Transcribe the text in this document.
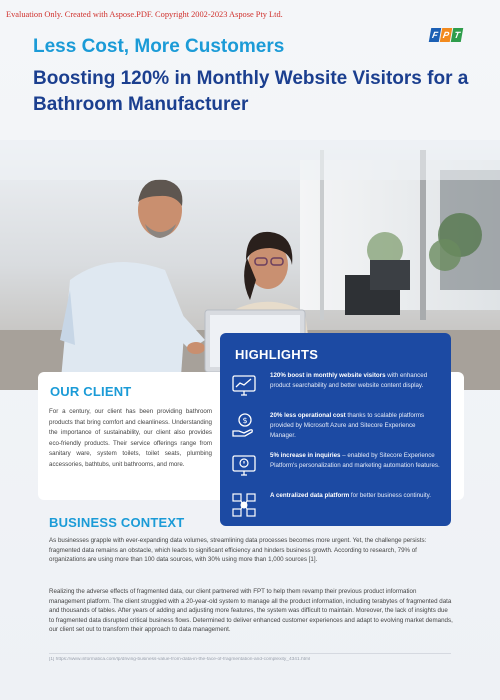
Evaluation Only. Created with Aspose.PDF. Copyright 2002-2023 Aspose Pty Ltd.
F P T
Less Cost, More Customers
Boosting 120% in Monthly Website Visitors for a Bathroom Manufacturer
OUR CLIENT
For a century, our client has been providing bathroom products that bring comfort and cleanliness. Understanding the importance of sustainability, our client also provides eco-friendly products. Their service offerings range from sanitary ware, system toilets, toilet seats, plumbing accessories, bathtubs, unit bathrooms, and more.
HIGHLIGHTS
120% boost in monthly website visitors with enhanced product searchability and better website content display.
$
20% less operational cost thanks to scalable platforms provided by Microsoft Azure and Sitecore Experience Manager.
5% increase in inquiries – enabled by Sitecore Experience Platform's personalization and marketing automation features.
A centralized data platform for better business continuity.
BUSINESS CONTEXT
As businesses grapple with ever-expanding data volumes, streamlining data processes becomes more urgent. Yet, the challenge persists: fragmented data remains an obstacle, which leads to significant efficiency and hinders business growth. According to research, 79% of organizations are using more than 100 data sources, with 30% using more than 1,000 sources [1].
Realizing the adverse effects of fragmented data, our client partnered with FPT to help them revamp their previous product information management platform. The client struggled with a 20-year-old system to manage all the product information, including terabytes of fragmented data and thousands of tables. After years of adding and adjusting more features, the system was difficult to maintain. Moreover, the lack of insights due to fragmented data disrupted critical business flows. Determined to deliver enhanced customer experiences and adapt to evolving market demands, our client set out to transform their approach to data management.
[1] https://www.informatica.com/lp/driving-business-value-from-data-in-the-face-of-fragmentation-and-complexity_4341.html
